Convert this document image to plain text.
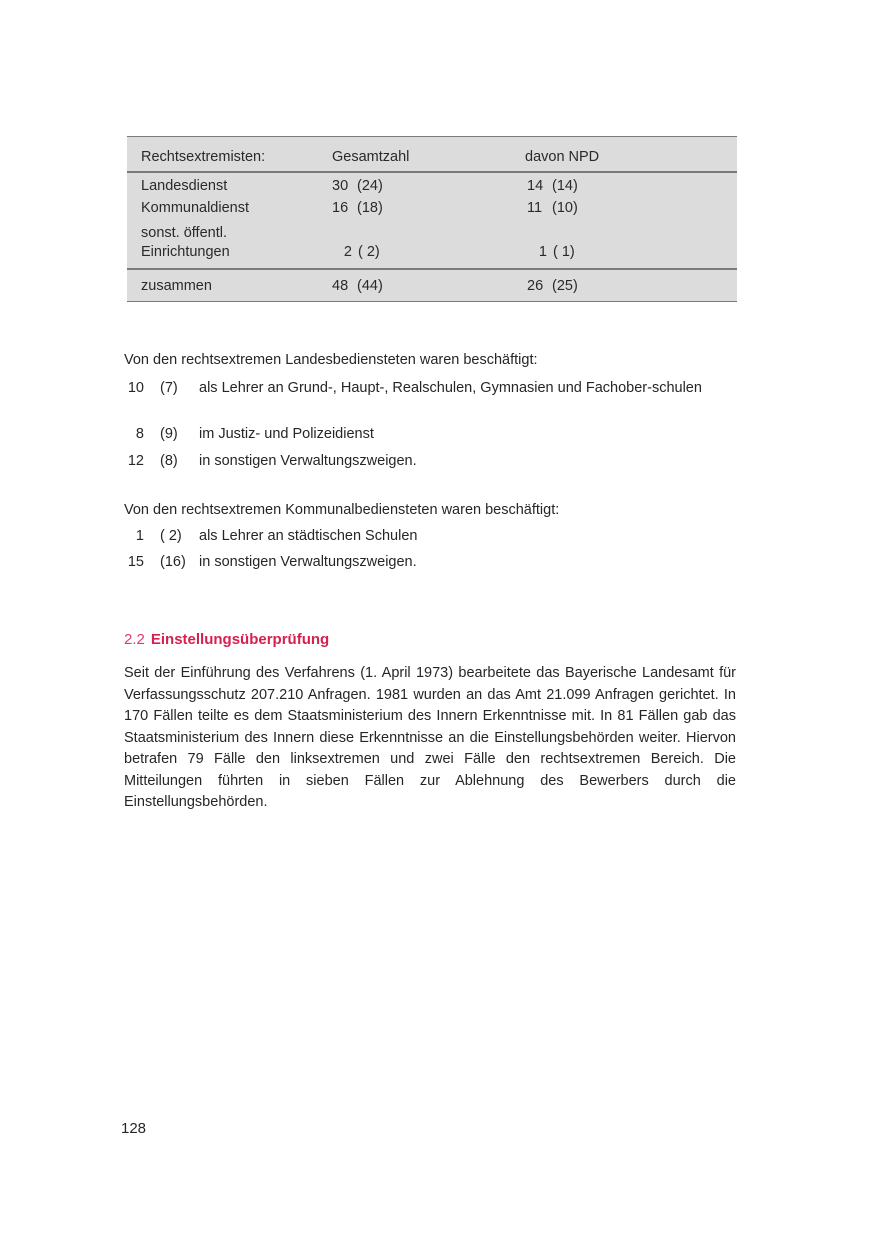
Rechtsextremisten:	Gesamtzahl	davon NPD
Landesdienst	30 (24)	14 (14)
Kommunaldienst	16 (18)	11 (10)
sonst. öffentl.
Einrichtungen	2 ( 2)	1 ( 1)
zusammen	48 (44)	26 (25)
Von den rechtsextremen Landesbediensteten waren beschäftigt:
10 (7) als Lehrer an Grund-, Haupt-, Realschulen, Gymnasien und Fachober-schulen
8 (9) im Justiz- und Polizeidienst
12 (8) in sonstigen Verwaltungszweigen.
Von den rechtsextremen Kommunalbediensteten waren beschäftigt:
1 ( 2) als Lehrer an städtischen Schulen
15 (16) in sonstigen Verwaltungszweigen.
2.2 Einstellungsüberprüfung

Seit der Einführung des Verfahrens (1. April 1973) bearbeitete das Bayerische Landesamt für Verfassungsschutz 207.210 Anfragen. 1981 wurden an das Amt 21.099 Anfragen gerichtet. In 170 Fällen teilte es dem Staatsministerium des Innern Erkenntnisse mit. In 81 Fällen gab das Staatsministerium des Innern diese Erkenntnisse an die Einstellungsbehörden weiter. Hiervon betrafen 79 Fälle den linksextremen und zwei Fälle den rechtsextremen Bereich. Die Mitteilungen führten in sieben Fällen zur Ablehnung des Bewerbers durch die Einstellungsbehörden.

128
